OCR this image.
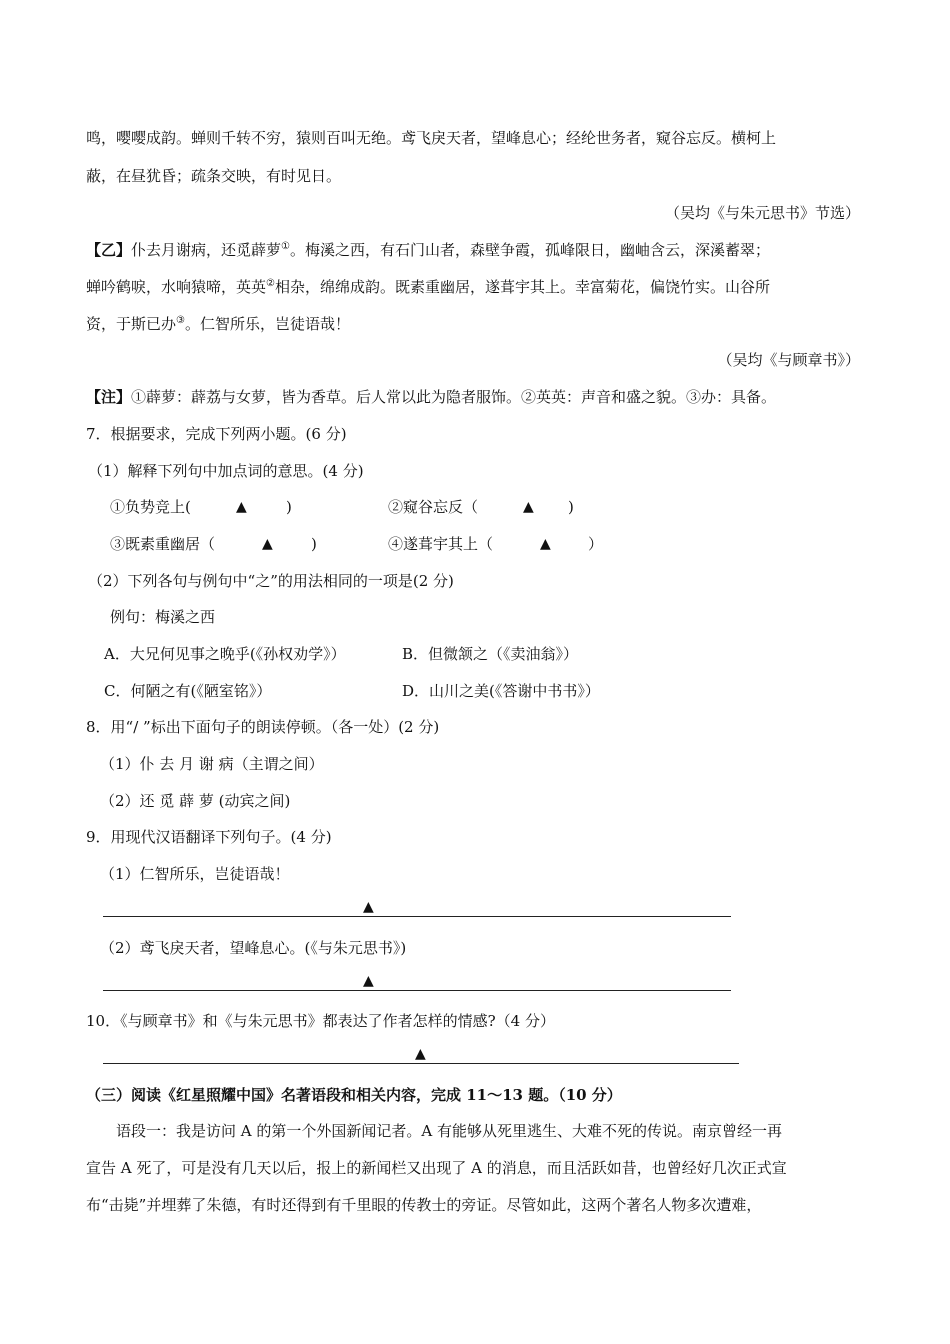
鸣，嘤嘤成韵。蝉则千转不穷，猿则百叫无绝。鸢飞戾天者，望峰息心；经纶世务者，窥谷忘反。横柯上
蔽，在昼犹昏；疏条交映，有时见日。
（吴均《与朱元思书》节选）
【乙】仆去月谢病，还觅薜萝①。梅溪之西，有石门山者，森壁争霞，孤峰限日，幽岫含云，深溪蓄翠；
蝉吟鹤唳，水响猿啼，英英②相杂，绵绵成韵。既素重幽居，遂葺宇其上。幸富菊花，偏饶竹实。山谷所
资，于斯已办③。仁智所乐，岂徒语哉！
（吴均《与顾章书》）
【注】①薜萝：薜荔与女萝，皆为香草。后人常以此为隐者服饰。②英英：声音和盛之貌。③办：具备。
7．根据要求，完成下列两小题。(6 分)
（1）解释下列句中加点词的意思。(4 分)
①负势竞上(	▲	)	②窥谷忘反（	▲ )
③既素重幽居（	▲	)	④遂葺宇其上（	▲ ）
（2）下列各句与例句中“之”的用法相同的一项是(2 分)
例句：梅溪之西
A．大兄何见事之晚乎(《孙权劝学》）	B．但微颔之（《卖油翁》）
C．何陋之有(《陋室铭》）	D．山川之美(《答谢中书书》）
8．用“/ ”标出下面句子的朗读停顿。（各一处）(2 分)
（1）仆 去 月 谢 病（主谓之间）
（2）还 觅 薜 萝 (动宾之间)
9．用现代汉语翻译下列句子。(4 分)
（1）仁智所乐，岂徒语哉！
▲
（2）鸢飞戾天者，望峰息心。(《与朱元思书》)
▲
10．《与顾章书》和《与朱元思书》都表达了作者怎样的情感?（4 分）
▲
（三）阅读《红星照耀中国》名著语段和相关内容，完成 11～13 题。（10 分）
语段一：我是访问 A 的第一个外国新闻记者。A 有能够从死里逃生、大难不死的传说。南京曾经一再
宣告 A 死了，可是没有几天以后，报上的新闻栏又出现了 A 的消息，而且活跃如昔，也曾经好几次正式宣
布“击毙”并埋葬了朱德，有时还得到有千里眼的传教士的旁证。尽管如此，这两个著名人物多次遭难，
